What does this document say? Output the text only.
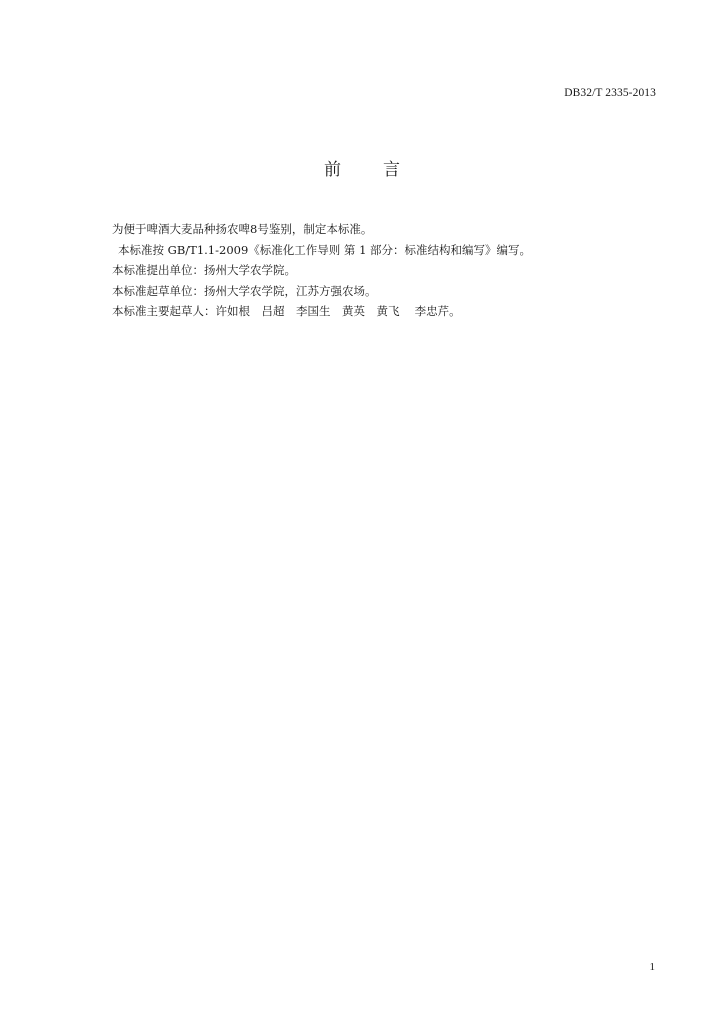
DB32/T 2335-2013
前 言

为便于啤酒大麦品种扬农啤8号鉴别，制定本标准。

本标准按 GB/T1.1-2009《标准化工作导则 第 1 部分：标准结构和编写》编写。

本标准提出单位：扬州大学农学院。

本标准起草单位：扬州大学农学院，江苏方强农场。

本标准主要起草人：许如根　吕超　李国生　黄英　黄飞　 李忠芹。

1
